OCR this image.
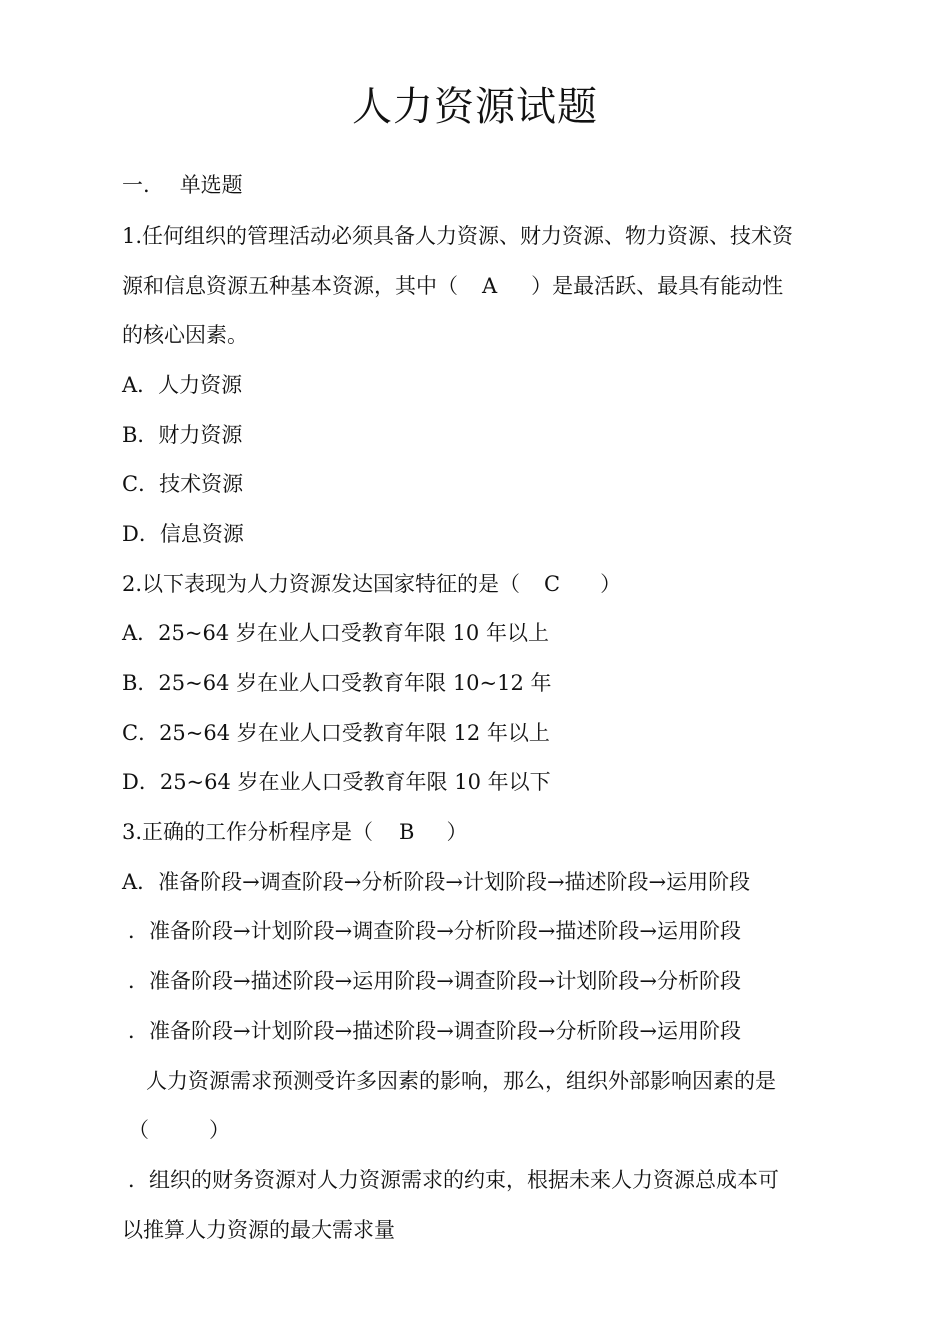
人力资源试题
一. 单选题
1.任何组织的管理活动必须具备人力资源、财力资源、物力资源、技术资
源和信息资源五种基本资源，其中（ A ）是最活跃、最具有能动性
的核心因素。
A．人力资源
B．财力资源
C．技术资源
D．信息资源
2.以下表现为人力资源发达国家特征的是（ C ）
A．25~64 岁在业人口受教育年限 10 年以上
B．25~64 岁在业人口受教育年限 10~12 年
C．25~64 岁在业人口受教育年限 12 年以上
D．25~64 岁在业人口受教育年限 10 年以下
3.正确的工作分析程序是（ B ）
A．准备阶段→调查阶段→分析阶段→计划阶段→描述阶段→运用阶段
．准备阶段→计划阶段→调查阶段→分析阶段→描述阶段→运用阶段
．准备阶段→描述阶段→运用阶段→调查阶段→计划阶段→分析阶段
．准备阶段→计划阶段→描述阶段→调查阶段→分析阶段→运用阶段
人力资源需求预测受许多因素的影响，那么，组织外部影响因素的是
（	）
．组织的财务资源对人力资源需求的约束，根据未来人力资源总成本可
以推算人力资源的最大需求量
